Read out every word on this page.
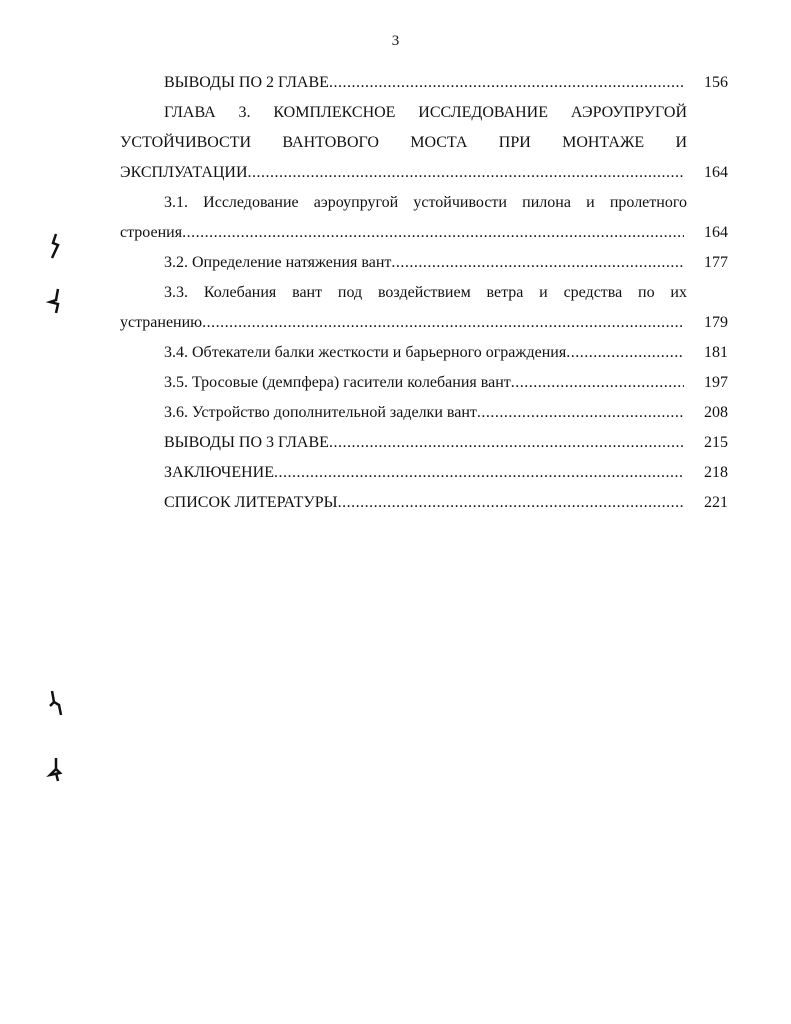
3
ВЫВОДЫ ПО 2 ГЛАВЕ .....	156
ГЛАВА 3. КОМПЛЕКСНОЕ ИССЛЕДОВАНИЕ АЭРОУПРУГОЙ
УСТОЙЧИВОСТИ ВАНТОВОГО МОСТА ПРИ МОНТАЖЕ И
ЭКСПЛУАТАЦИИ .....	164
3.1. Исследование аэроупругой устойчивости пилона и пролетного
строения .....	164
3.2. Определение натяжения вант .....	177
3.3. Колебания вант под воздействием ветра и средства по их
устранению .....	179
3.4. Обтекатели балки жесткости и барьерного ограждения .....	181
3.5. Тросовые (демпфера) гасители колебания вант .....	197
3.6. Устройство дополнительной заделки вант .....	208
ВЫВОДЫ ПО 3 ГЛАВЕ .....	215
ЗАКЛЮЧЕНИЕ .....	218
СПИСОК ЛИТЕРАТУРЫ .....	221
